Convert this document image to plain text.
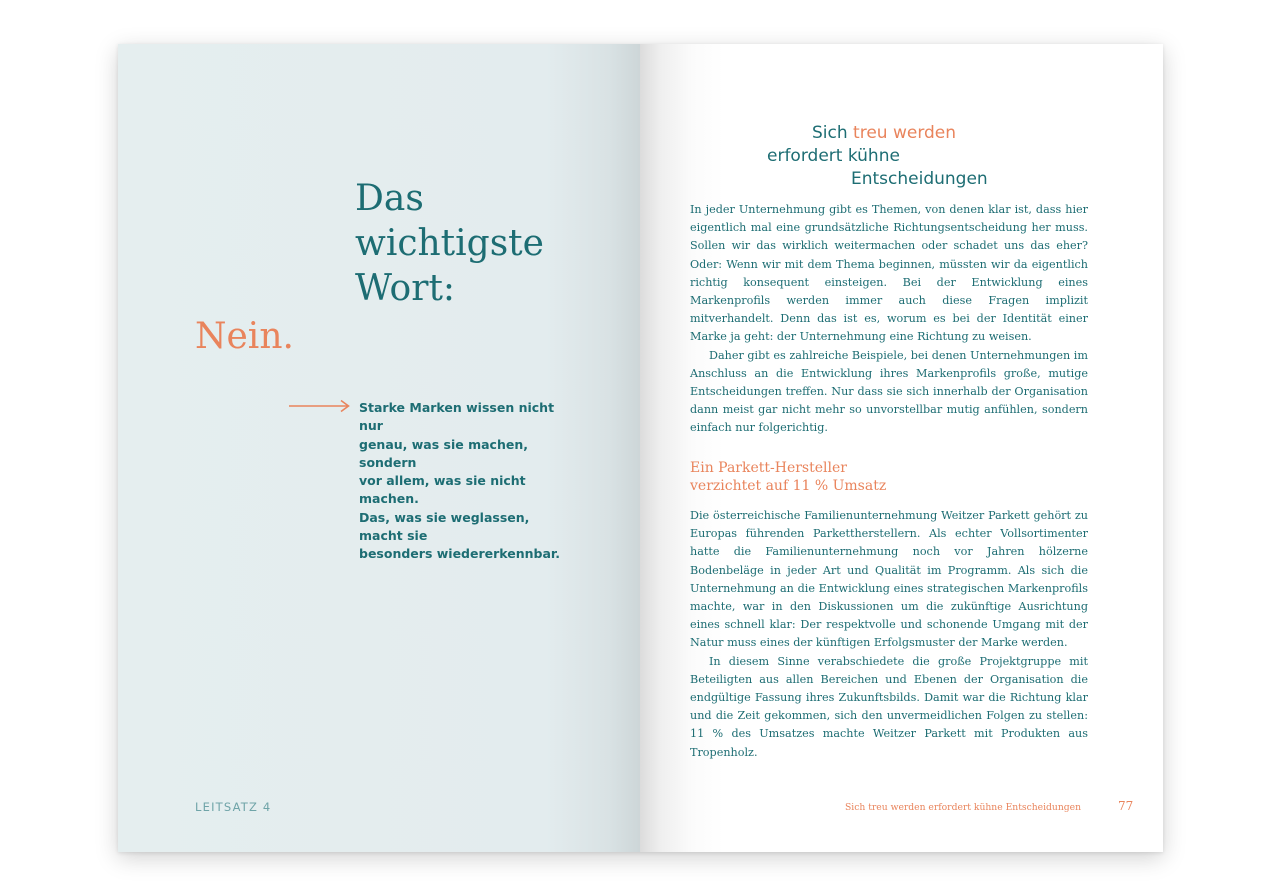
Das
wichtigste
Wort:
Nein.
Starke Marken wissen nicht nur
genau, was sie machen, sondern
vor allem, was sie nicht machen.
Das, was sie weglassen, macht sie
besonders wiedererkennbar.
LEITSATZ 4
Sich treu werden
erfordert kühne
Entscheidungen

In jeder Unternehmung gibt es Themen, von denen klar ist, dass hier eigentlich mal eine grundsätzliche Richtungsentscheidung her muss. Sollen wir das wirklich weitermachen oder schadet uns das eher? Oder: Wenn wir mit dem Thema beginnen, müssten wir da eigentlich richtig konsequent einsteigen. Bei der Entwicklung eines Markenprofils werden immer auch diese Fragen implizit mitverhandelt. Denn das ist es, worum es bei der Identität einer Marke ja geht: der Unternehmung eine Richtung zu weisen.

Daher gibt es zahlreiche Beispiele, bei denen Unternehmungen im Anschluss an die Entwicklung ihres Markenprofils große, mutige Entscheidungen treffen. Nur dass sie sich innerhalb der Organisation dann meist gar nicht mehr so unvorstellbar mutig anfühlen, sondern einfach nur folgerichtig.

Ein Parkett-Hersteller

verzichtet auf 11 % Umsatz

Die österreichische Familienunternehmung Weitzer Parkett gehört zu Europas führenden Parkettherstellern. Als echter Vollsortimenter hatte die Familienunternehmung noch vor Jahren hölzerne Bodenbeläge in jeder Art und Qualität im Programm. Als sich die Unternehmung an die Entwicklung eines strategischen Markenprofils machte, war in den Diskussionen um die zukünftige Ausrichtung eines schnell klar: Der respektvolle und schonende Umgang mit der Natur muss eines der künftigen Erfolgsmuster der Marke werden.

In diesem Sinne verabschiedete die große Projektgruppe mit Beteiligten aus allen Bereichen und Ebenen der Organisation die endgültige Fassung ihres Zukunftsbilds. Damit war die Richtung klar und die Zeit gekommen, sich den unvermeidlichen Folgen zu stellen: 11 % des Umsatzes machte Weitzer Parkett mit Produkten aus Tropenholz.

Sich treu werden erfordert kühne Entscheidungen	77
